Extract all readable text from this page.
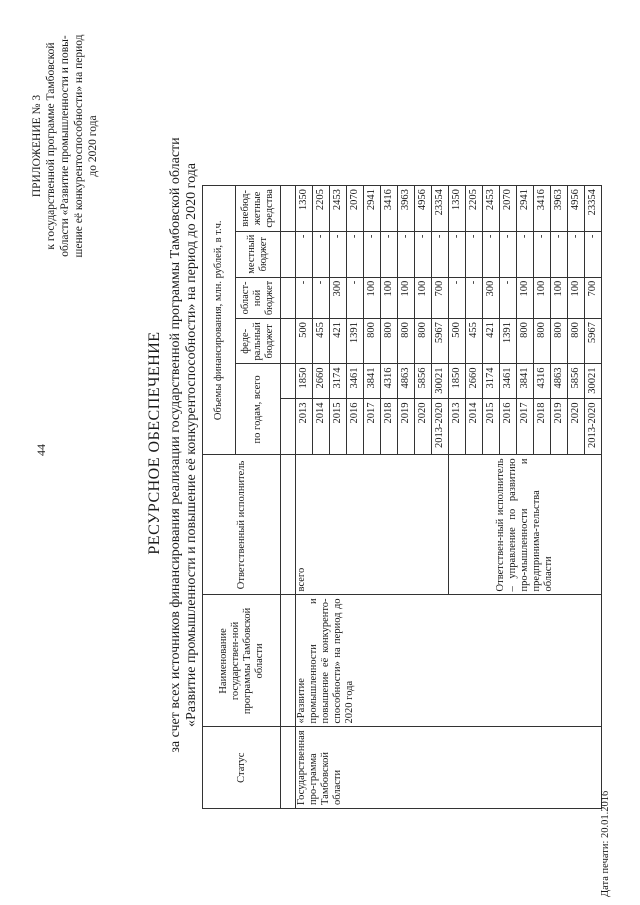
44
ПРИЛОЖЕНИЕ № 3 к государственной программе Тамбовской области «Развитие промышленности и повы- шение её конкурентоспособности» на период до 2020 года
РЕСУРСНОЕ ОБЕСПЕЧЕНИЕ за счет всех источников финансирования реализации государственной программы Тамбовской области «Развитие промышленности и повышение её конкурентоспособности» на период до 2020 года
Статус	Наименование государствен-ной программы Тамбовской области	Ответственный исполнитель	Объемы финансирования, млн. рублей, в т.ч.					
			по годам, всего		феде-ральный бюджет	област-ной бюджет	местный бюджет	внебюд-жетные средства

Государственная про-грамма Тамбовской области	«Развитие промышленности и повышение её конкуренто-способности» на период до 2020 года	всего	2013	1850	500	-	-	1350
			2014	2660	455	-	-	2205
			2015	3174	421	300	-	2453
			2016	3461	1391	-	-	2070
			2017	3841	800	100	-	2941
			2018	4316	800	100	-	3416
			2019	4863	800	100	-	3963
			2020	5856	800	100	-	4956
			2013-2020	30021	5967	700	-	23354
		Ответствен-ный исполнитель – управление по развитию про-мышленности и предпринима-тельства области	2013	1850	500	-	-	1350
			2014	2660	455	-	-	2205
			2015	3174	421	300	-	2453
			2016	3461	1391	-	-	2070
			2017	3841	800	100	-	2941
			2018	4316	800	100	-	3416
			2019	4863	800	100	-	3963
			2020	5856	800	100	-	4956
			2013-2020	30021	5967	700	-	23354
Дата печати: 20.01.2016
